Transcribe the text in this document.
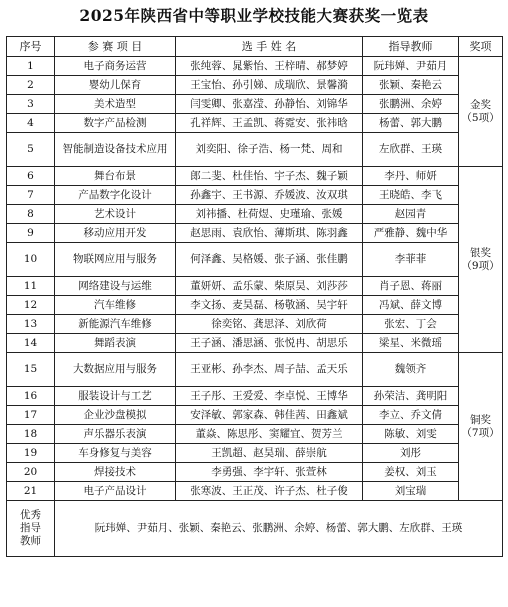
2025年陕西省中等职业学校技能大赛获奖一览表
序号	参 赛 项 目	选 手 姓 名	指导教师	奖项
1	电子商务运营	张纯蓉、晁紫怡、王梓晴、郝梦婷	阮玮婵、尹茹月	金奖
（5项）
2	婴幼儿保育	王宝怡、孙引娣、成瑞欣、景馨漪	张颖、秦艳云	
3	美术造型	闫雯卿、张嘉滢、孙静怡、刘锦华	张鹏洲、余婷	
4	数字产品检测	孔祥辉、王孟凯、蒋霓安、张祎晗	杨蕾、郭大鹏	
5	智能制造设备技术应用	刘奕阳、徐子浩、杨一梵、周和	左欣群、王瑛	
6	舞台布景	郎二斐、杜佳怡、宇子杰、魏子颖	李丹、师妍	银奖
（9项）
7	产品数字化设计	孙鑫宇、王书源、乔媛波、汝双琪	王晓皓、李飞	
8	艺术设计	刘祎播、杜荷煜、史瑾瑜、张媛	赵园青	
9	移动应用开发	赵思雨、袁欣怡、薄斯琪、陈羽鑫	严雅静、魏中华	
10	物联网应用与服务	何泽鑫、吴格媛、张子涵、张佳鹏	李菲菲	
11	网络建设与运维	董妍妍、孟乐蒙、柴原昊、刘莎莎	肖子恩、蒋丽	
12	汽车维修	李文扬、麦昊磊、杨敬涵、吴宇轩	冯斌、薛文博	
13	新能源汽车维修	徐奕铭、龚思泽、刘欣荷	张宏、丁会	
14	舞蹈表演	王子涵、潘思涵、张悦冉、胡思乐	梁星、米微瑶	
15	大数据应用与服务	王亚彬、孙李杰、周子喆、孟天乐	魏领齐	铜奖
（7项）
16	服装设计与工艺	王子彤、王爱爱、李卓悦、王博华	孙荣洁、龚明阳	
17	企业沙盘模拟	安泽敏、郭家森、韩佳茜、田鑫斌	李立、乔文倩	
18	声乐器乐表演	董焱、陈思彤、窦耀宜、贺芳兰	陈敏、刘雯	
19	车身修复与美容	王凯超、赵昊瑞、薛崇航	刘彤	
20	焊接技术	李勇强、李宇轩、张萱林	姜权、刘玉	
21	电子产品设计	张寒波、王正茂、许子杰、杜子俊	刘宝瑞	
优秀
指导
教师	阮玮婵、尹茹月、张颖、秦艳云、张鹏洲、余婷、杨蕾、郭大鹏、左欣群、王瑛			
